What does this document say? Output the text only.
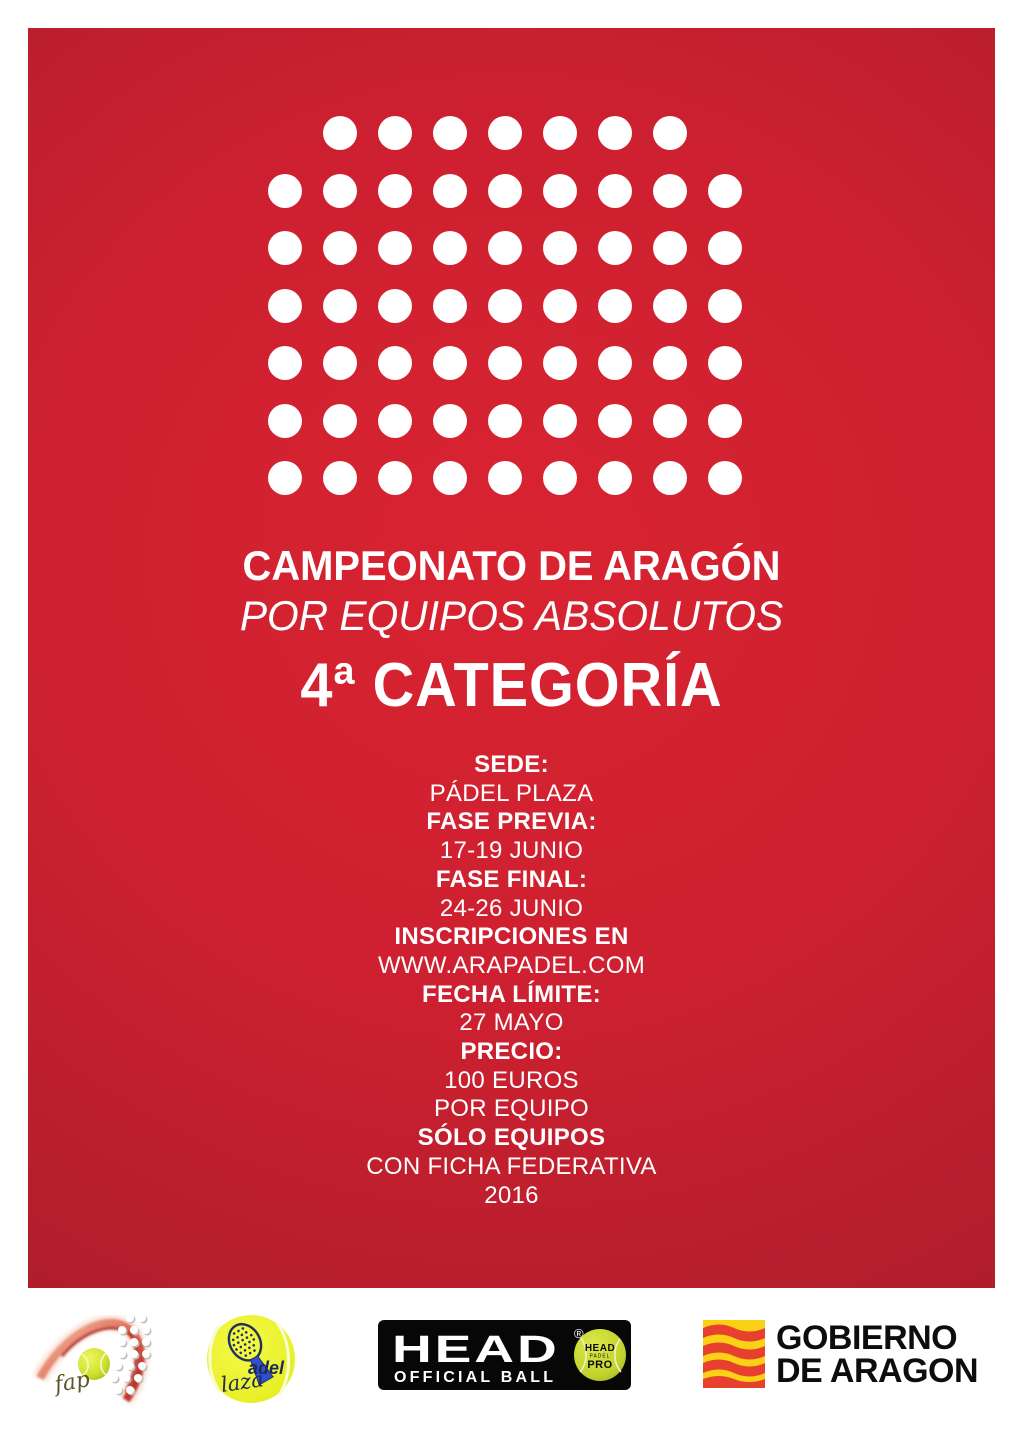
CAMPEONATO DE ARAGÓN
POR EQUIPOS ABSOLUTOS
4ª CATEGORÍA
SEDE:
PÁDEL PLAZA
FASE PREVIA:
17-19 JUNIO
FASE FINAL:
24-26 JUNIO
INSCRIPCIONES EN
WWW.ARAPADEL.COM
FECHA LÍMITE:
27 MAYO
PRECIO:
100 EUROS
POR EQUIPO
SÓLO EQUIPOS
CON FICHA FEDERATIVA
2016
fap	adel
laza
HEAD ®
OFFICIAL BALL
HEAD
PADEL
PRO
GOBIERNO
DE ARAGON
